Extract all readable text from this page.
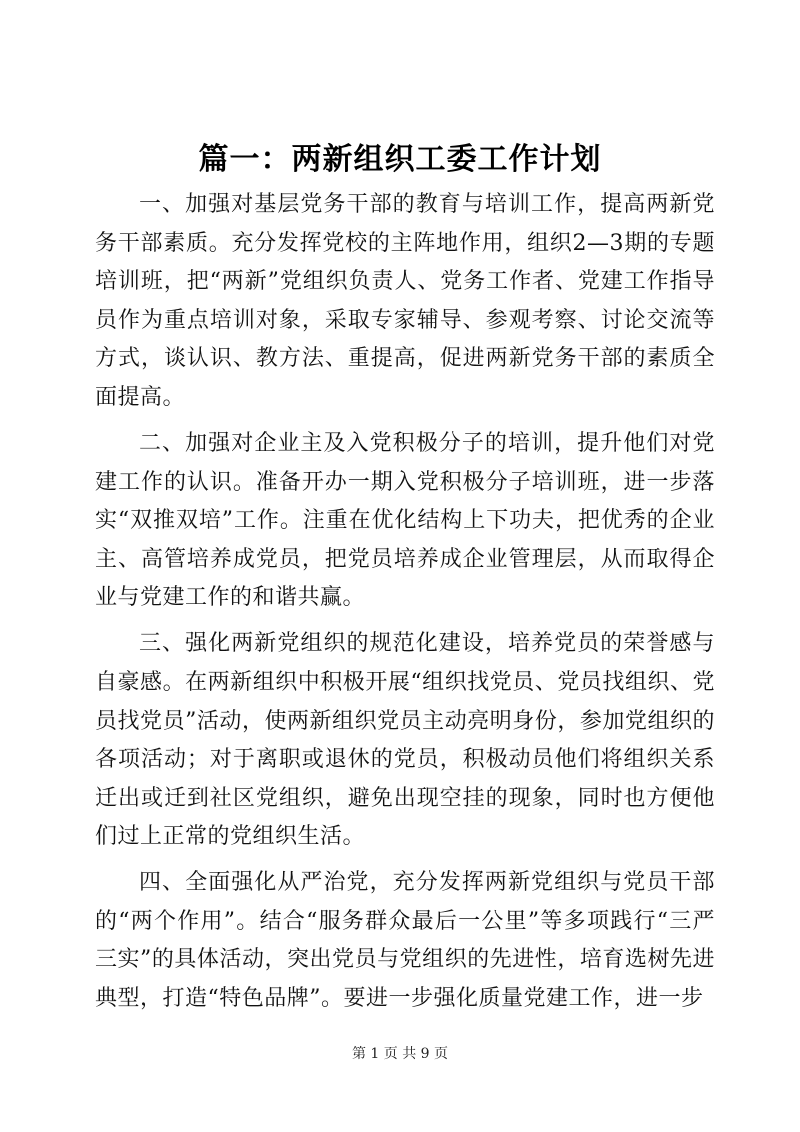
篇一：两新组织工委工作计划

一、加强对基层党务干部的教育与培训工作，提高两新党务干部素质。充分发挥党校的主阵地作用，组织2—3期的专题培训班，把“两新”党组织负责人、党务工作者、党建工作指导员作为重点培训对象，采取专家辅导、参观考察、讨论交流等方式，谈认识、教方法、重提高，促进两新党务干部的素质全面提高。

二、加强对企业主及入党积极分子的培训，提升他们对党建工作的认识。准备开办一期入党积极分子培训班，进一步落实“双推双培”工作。注重在优化结构上下功夫，把优秀的企业主、高管培养成党员，把党员培养成企业管理层，从而取得企业与党建工作的和谐共赢。

三、强化两新党组织的规范化建设，培养党员的荣誉感与自豪感。在两新组织中积极开展“组织找党员、党员找组织、党员找党员”活动，使两新组织党员主动亮明身份，参加党组织的各项活动；对于离职或退休的党员，积极动员他们将组织关系迁出或迁到社区党组织，避免出现空挂的现象，同时也方便他们过上正常的党组织生活。

四、全面强化从严治党，充分发挥两新党组织与党员干部的“两个作用”。结合“服务群众最后一公里”等多项践行“三严三实”的具体活动，突出党员与党组织的先进性，培育选树先进典型，打造“特色品牌”。要进一步强化质量党建工作，进一步

第 1 页 共 9 页
